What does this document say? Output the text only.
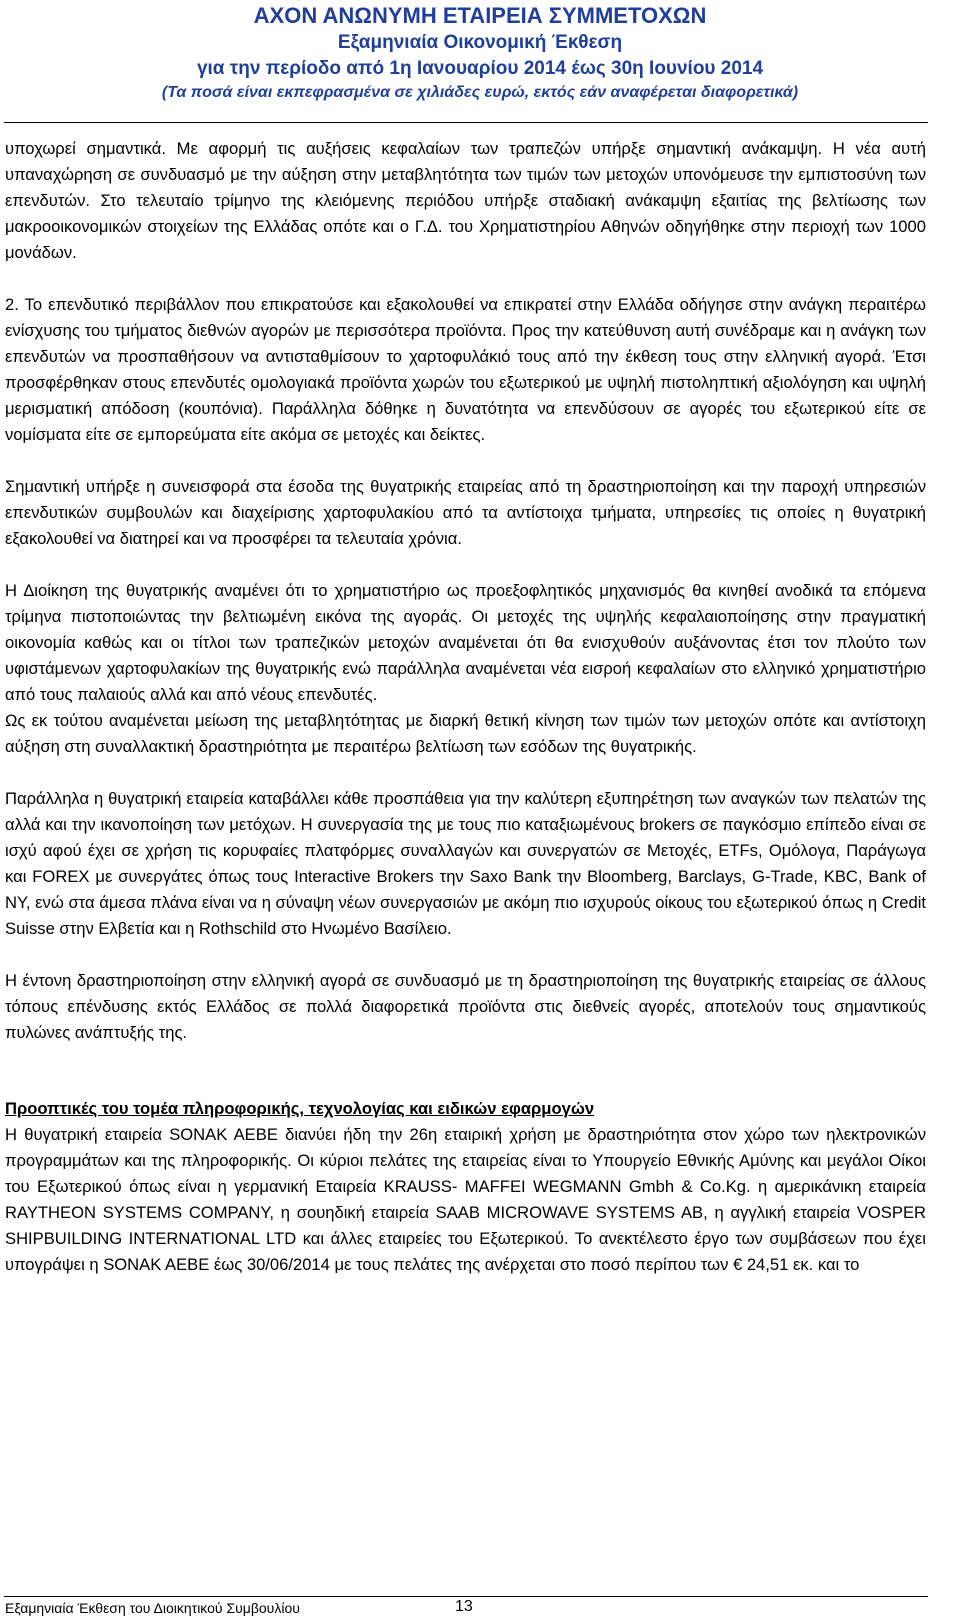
ΑΧΟΝ ΑΝΩΝΥΜΗ ΕΤΑΙΡΕΙΑ ΣΥΜΜΕΤΟΧΩΝ
Εξαμηνιαία Οικονομική Έκθεση
για την περίοδο από 1η Ιανουαρίου 2014 έως 30η Ιουνίου 2014
(Τα ποσά είναι εκπεφρασμένα σε χιλιάδες ευρώ, εκτός εάν αναφέρεται διαφορετικά)

υποχωρεί σημαντικά. Με αφορμή τις αυξήσεις κεφαλαίων των τραπεζών υπήρξε σημαντική ανάκαμψη. Η νέα αυτή υπαναχώρηση σε συνδυασμό με την αύξηση στην μεταβλητότητα των τιμών των μετοχών υπονόμευσε την εμπιστοσύνη των επενδυτών. Στο τελευταίο τρίμηνο της κλειόμενης περιόδου υπήρξε σταδιακή ανάκαμψη εξαιτίας της βελτίωσης των μακροοικονομικών στοιχείων της Ελλάδας οπότε και ο Γ.Δ. του Χρηματιστηρίου Αθηνών οδηγήθηκε στην περιοχή των 1000 μονάδων.

2. Το επενδυτικό περιβάλλον που επικρατούσε και εξακολουθεί να επικρατεί στην Ελλάδα οδήγησε στην ανάγκη περαιτέρω ενίσχυσης του τμήματος διεθνών αγορών με περισσότερα προϊόντα. Προς την κατεύθυνση αυτή συνέδραμε και η ανάγκη των επενδυτών να προσπαθήσουν να αντισταθμίσουν το χαρτοφυλάκιό τους από την έκθεση τους στην ελληνική αγορά. Έτσι προσφέρθηκαν στους επενδυτές ομολογιακά προϊόντα χωρών του εξωτερικού με υψηλή πιστοληπτική αξιολόγηση και υψηλή μερισματική απόδοση (κουπόνια). Παράλληλα δόθηκε η δυνατότητα να επενδύσουν σε αγορές του εξωτερικού είτε σε νομίσματα είτε σε εμπορεύματα είτε ακόμα σε μετοχές και δείκτες.

Σημαντική υπήρξε η συνεισφορά στα έσοδα της θυγατρικής εταιρείας από τη δραστηριοποίηση και την παροχή υπηρεσιών επενδυτικών συμβουλών και διαχείρισης χαρτοφυλακίου από τα αντίστοιχα τμήματα, υπηρεσίες τις οποίες η θυγατρική εξακολουθεί να διατηρεί και να προσφέρει τα τελευταία χρόνια.

Η Διοίκηση της θυγατρικής αναμένει ότι το χρηματιστήριο ως προεξοφλητικός μηχανισμός θα κινηθεί ανοδικά τα επόμενα τρίμηνα πιστοποιώντας την βελτιωμένη εικόνα της αγοράς. Οι μετοχές της υψηλής κεφαλαιοποίησης στην πραγματική οικονομία καθώς και οι τίτλοι των τραπεζικών μετοχών αναμένεται ότι θα ενισχυθούν αυξάνοντας έτσι τον πλούτο των υφιστάμενων χαρτοφυλακίων της θυγατρικής ενώ παράλληλα αναμένεται νέα εισροή κεφαλαίων στο ελληνικό χρηματιστήριο από τους παλαιούς αλλά και από νέους επενδυτές.

Ως εκ τούτου αναμένεται μείωση της μεταβλητότητας με διαρκή θετική κίνηση των τιμών των μετοχών οπότε και αντίστοιχη αύξηση στη συναλλακτική δραστηριότητα με περαιτέρω βελτίωση των εσόδων της θυγατρικής.

Παράλληλα η θυγατρική εταιρεία καταβάλλει κάθε προσπάθεια για την καλύτερη εξυπηρέτηση των αναγκών των πελατών της αλλά και την ικανοποίηση των μετόχων. Η συνεργασία της με τους πιο καταξιωμένους brokers σε παγκόσμιο επίπεδο είναι σε ισχύ αφού έχει σε χρήση τις κορυφαίες πλατφόρμες συναλλαγών και συνεργατών σε Μετοχές, ETFs, Ομόλογα, Παράγωγα και FOREX με συνεργάτες όπως τους Interactive Brokers την Saxo Bank την Bloomberg, Barclays, G-Trade, KBC, Bank of NY, ενώ στα άμεσα πλάνα είναι να η σύναψη νέων συνεργασιών με ακόμη πιο ισχυρούς οίκους του εξωτερικού όπως η Credit Suisse στην Ελβετία και η Rothschild στο Ηνωμένο Βασίλειο.

Η έντονη δραστηριοποίηση στην ελληνική αγορά σε συνδυασμό με τη δραστηριοποίηση της θυγατρικής εταιρείας σε άλλους τόπους επένδυσης εκτός Ελλάδος σε πολλά διαφορετικά προϊόντα στις διεθνείς αγορές, αποτελούν τους σημαντικούς πυλώνες ανάπτυξής της.

Προοπτικές του τομέα πληροφορικής, τεχνολογίας και ειδικών εφαρμογών

Η θυγατρική εταιρεία SONAK AEBE διανύει ήδη την 26η εταιρική χρήση με δραστηριότητα στον χώρο των ηλεκτρονικών προγραμμάτων και της πληροφορικής. Οι κύριοι πελάτες της εταιρείας είναι το Υπουργείο Εθνικής Αμύνης και μεγάλοι Οίκοι του Εξωτερικού όπως είναι η γερμανική Εταιρεία KRAUSS- MAFFEI WEGMANN Gmbh & Co.Kg. η αμερικάνικη εταιρεία RAYTHEON SYSTEMS COMPANY, η σουηδική εταιρεία SAAB MICROWAVE SYSTEMS AB, η αγγλική εταιρεία VOSPER SHIPBUILDING INTERNATIONAL LTD και άλλες εταιρείες του Εξωτερικού. Το ανεκτέλεστο έργο των συμβάσεων που έχει υπογράψει η SONAK AEBE έως 30/06/2014 με τους πελάτες της ανέρχεται στο ποσό περίπου των € 24,51 εκ. και το

Εξαμηνιαία Έκθεση του Διοικητικού Συμβουλίου	13
